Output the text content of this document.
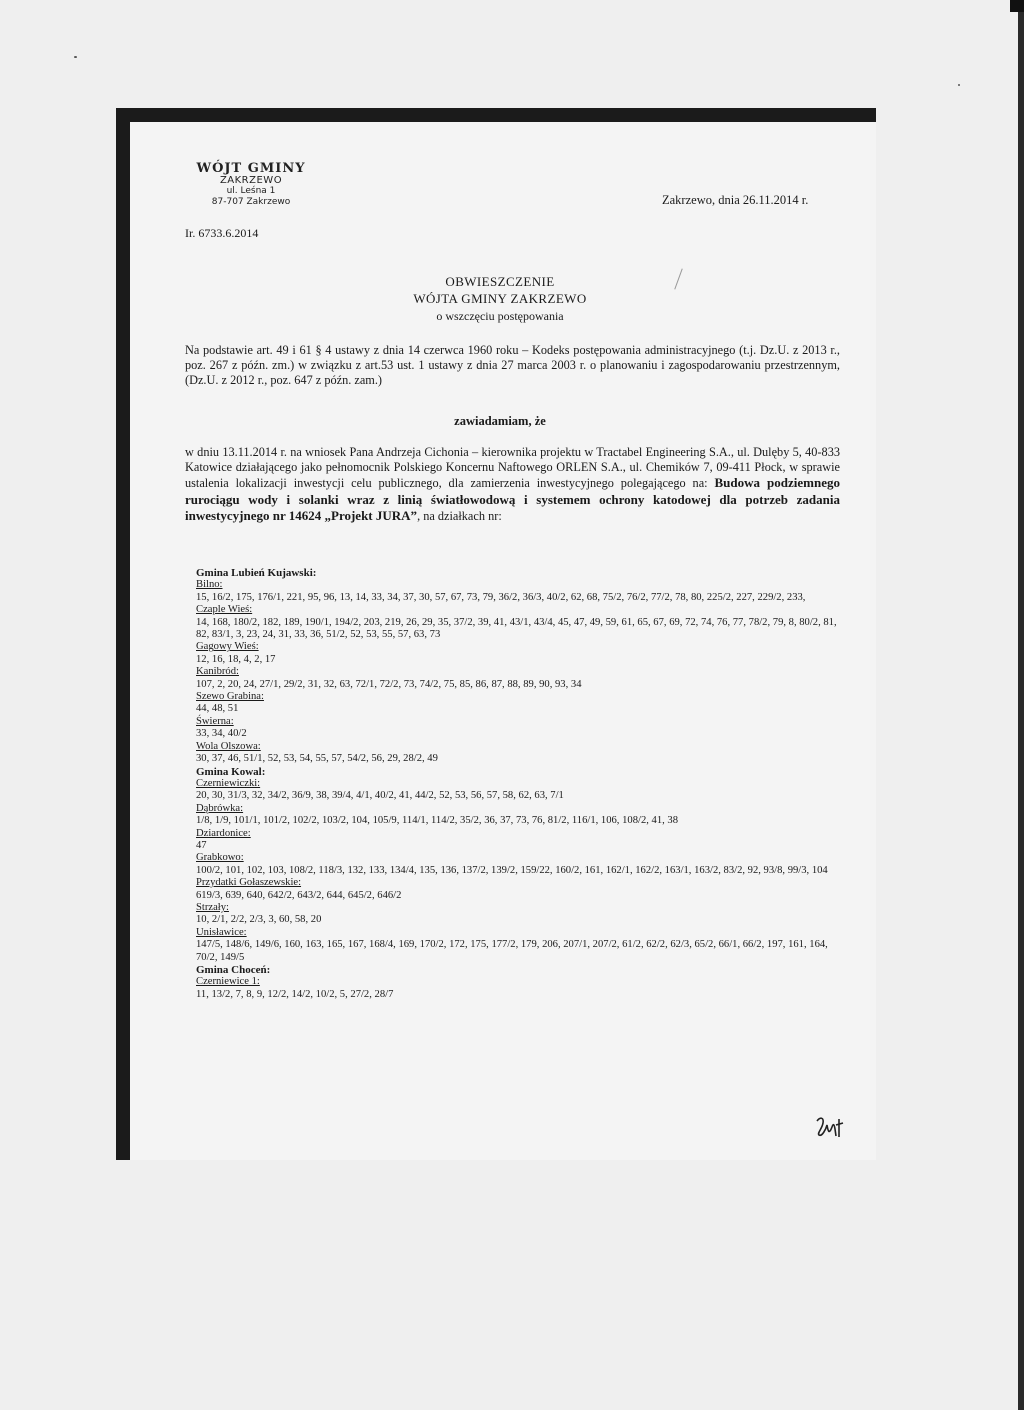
WÓJT GMINY
ZAKRZEWO
ul. Leśna 1
87-707 Zakrzewo	Zakrzewo, dnia 26.11.2014 r.
Ir. 6733.6.2014
OBWIESZCZENIE
WÓJTA GMINY ZAKRZEWO
o wszczęciu postępowania
Na podstawie art. 49 i 61 § 4 ustawy z dnia 14 czerwca 1960 roku – Kodeks postępowania administracyjnego (t.j. Dz.U. z 2013 r., poz. 267 z późn. zm.) w związku z art.53 ust. 1 ustawy z dnia 27 marca 2003 r. o planowaniu i zagospodarowaniu przestrzennym, (Dz.U. z 2012 r., poz. 647 z późn. zam.)
zawiadamiam, że
w dniu 13.11.2014 r. na wniosek Pana Andrzeja Cichonia – kierownika projektu w Tractabel Engineering S.A., ul. Dulęby 5, 40-833 Katowice działającego jako pełnomocnik Polskiego Koncernu Naftowego ORLEN S.A., ul. Chemików 7, 09-411 Płock, w sprawie ustalenia lokalizacji inwestycji celu publicznego, dla zamierzenia inwestycyjnego polegającego na: Budowa podziemnego rurociągu wody i solanki wraz z linią światłowodową i systemem ochrony katodowej dla potrzeb zadania inwestycyjnego nr 14624 „Projekt JURA”, na działkach nr:
Gmina Lubień Kujawski:
Bilno:
15, 16/2, 175, 176/1, 221, 95, 96, 13, 14, 33, 34, 37, 30, 57, 67, 73, 79, 36/2, 36/3, 40/2, 62, 68, 75/2, 76/2, 77/2, 78, 80, 225/2, 227, 229/2, 233,
Czaple Wieś:
14, 168, 180/2, 182, 189, 190/1, 194/2, 203, 219, 26, 29, 35, 37/2, 39, 41, 43/1, 43/4, 45, 47, 49, 59, 61, 65, 67, 69, 72, 74, 76, 77, 78/2, 79, 8, 80/2, 81, 82, 83/1, 3, 23, 24, 31, 33, 36, 51/2, 52, 53, 55, 57, 63, 73
Gagowy Wieś:
12, 16, 18, 4, 2, 17
Kanibród:
107, 2, 20, 24, 27/1, 29/2, 31, 32, 63, 72/1, 72/2, 73, 74/2, 75, 85, 86, 87, 88, 89, 90, 93, 34
Szewo Grabina:
44, 48, 51
Świerna:
33, 34, 40/2
Wola Olszowa:
30, 37, 46, 51/1, 52, 53, 54, 55, 57, 54/2, 56, 29, 28/2, 49
Gmina Kowal:
Czerniewiczki:
20, 30, 31/3, 32, 34/2, 36/9, 38, 39/4, 4/1, 40/2, 41, 44/2, 52, 53, 56, 57, 58, 62, 63, 7/1
Dąbrówka:
1/8, 1/9, 101/1, 101/2, 102/2, 103/2, 104, 105/9, 114/1, 114/2, 35/2, 36, 37, 73, 76, 81/2, 116/1, 106, 108/2, 41, 38
Dziardonice:
47
Grabkowo:
100/2, 101, 102, 103, 108/2, 118/3, 132, 133, 134/4, 135, 136, 137/2, 139/2, 159/22, 160/2, 161, 162/1, 162/2, 163/1, 163/2, 83/2, 92, 93/8, 99/3, 104
Przydatki Gołaszewskie:
619/3, 639, 640, 642/2, 643/2, 644, 645/2, 646/2
Strzały:
10, 2/1, 2/2, 2/3, 3, 60, 58, 20
Unisławice:
147/5, 148/6, 149/6, 160, 163, 165, 167, 168/4, 169, 170/2, 172, 175, 177/2, 179, 206, 207/1, 207/2, 61/2, 62/2, 62/3, 65/2, 66/1, 66/2, 197, 161, 164, 70/2, 149/5
Gmina Choceń:
Czerniewice 1:
11, 13/2, 7, 8, 9, 12/2, 14/2, 10/2, 5, 27/2, 28/7
